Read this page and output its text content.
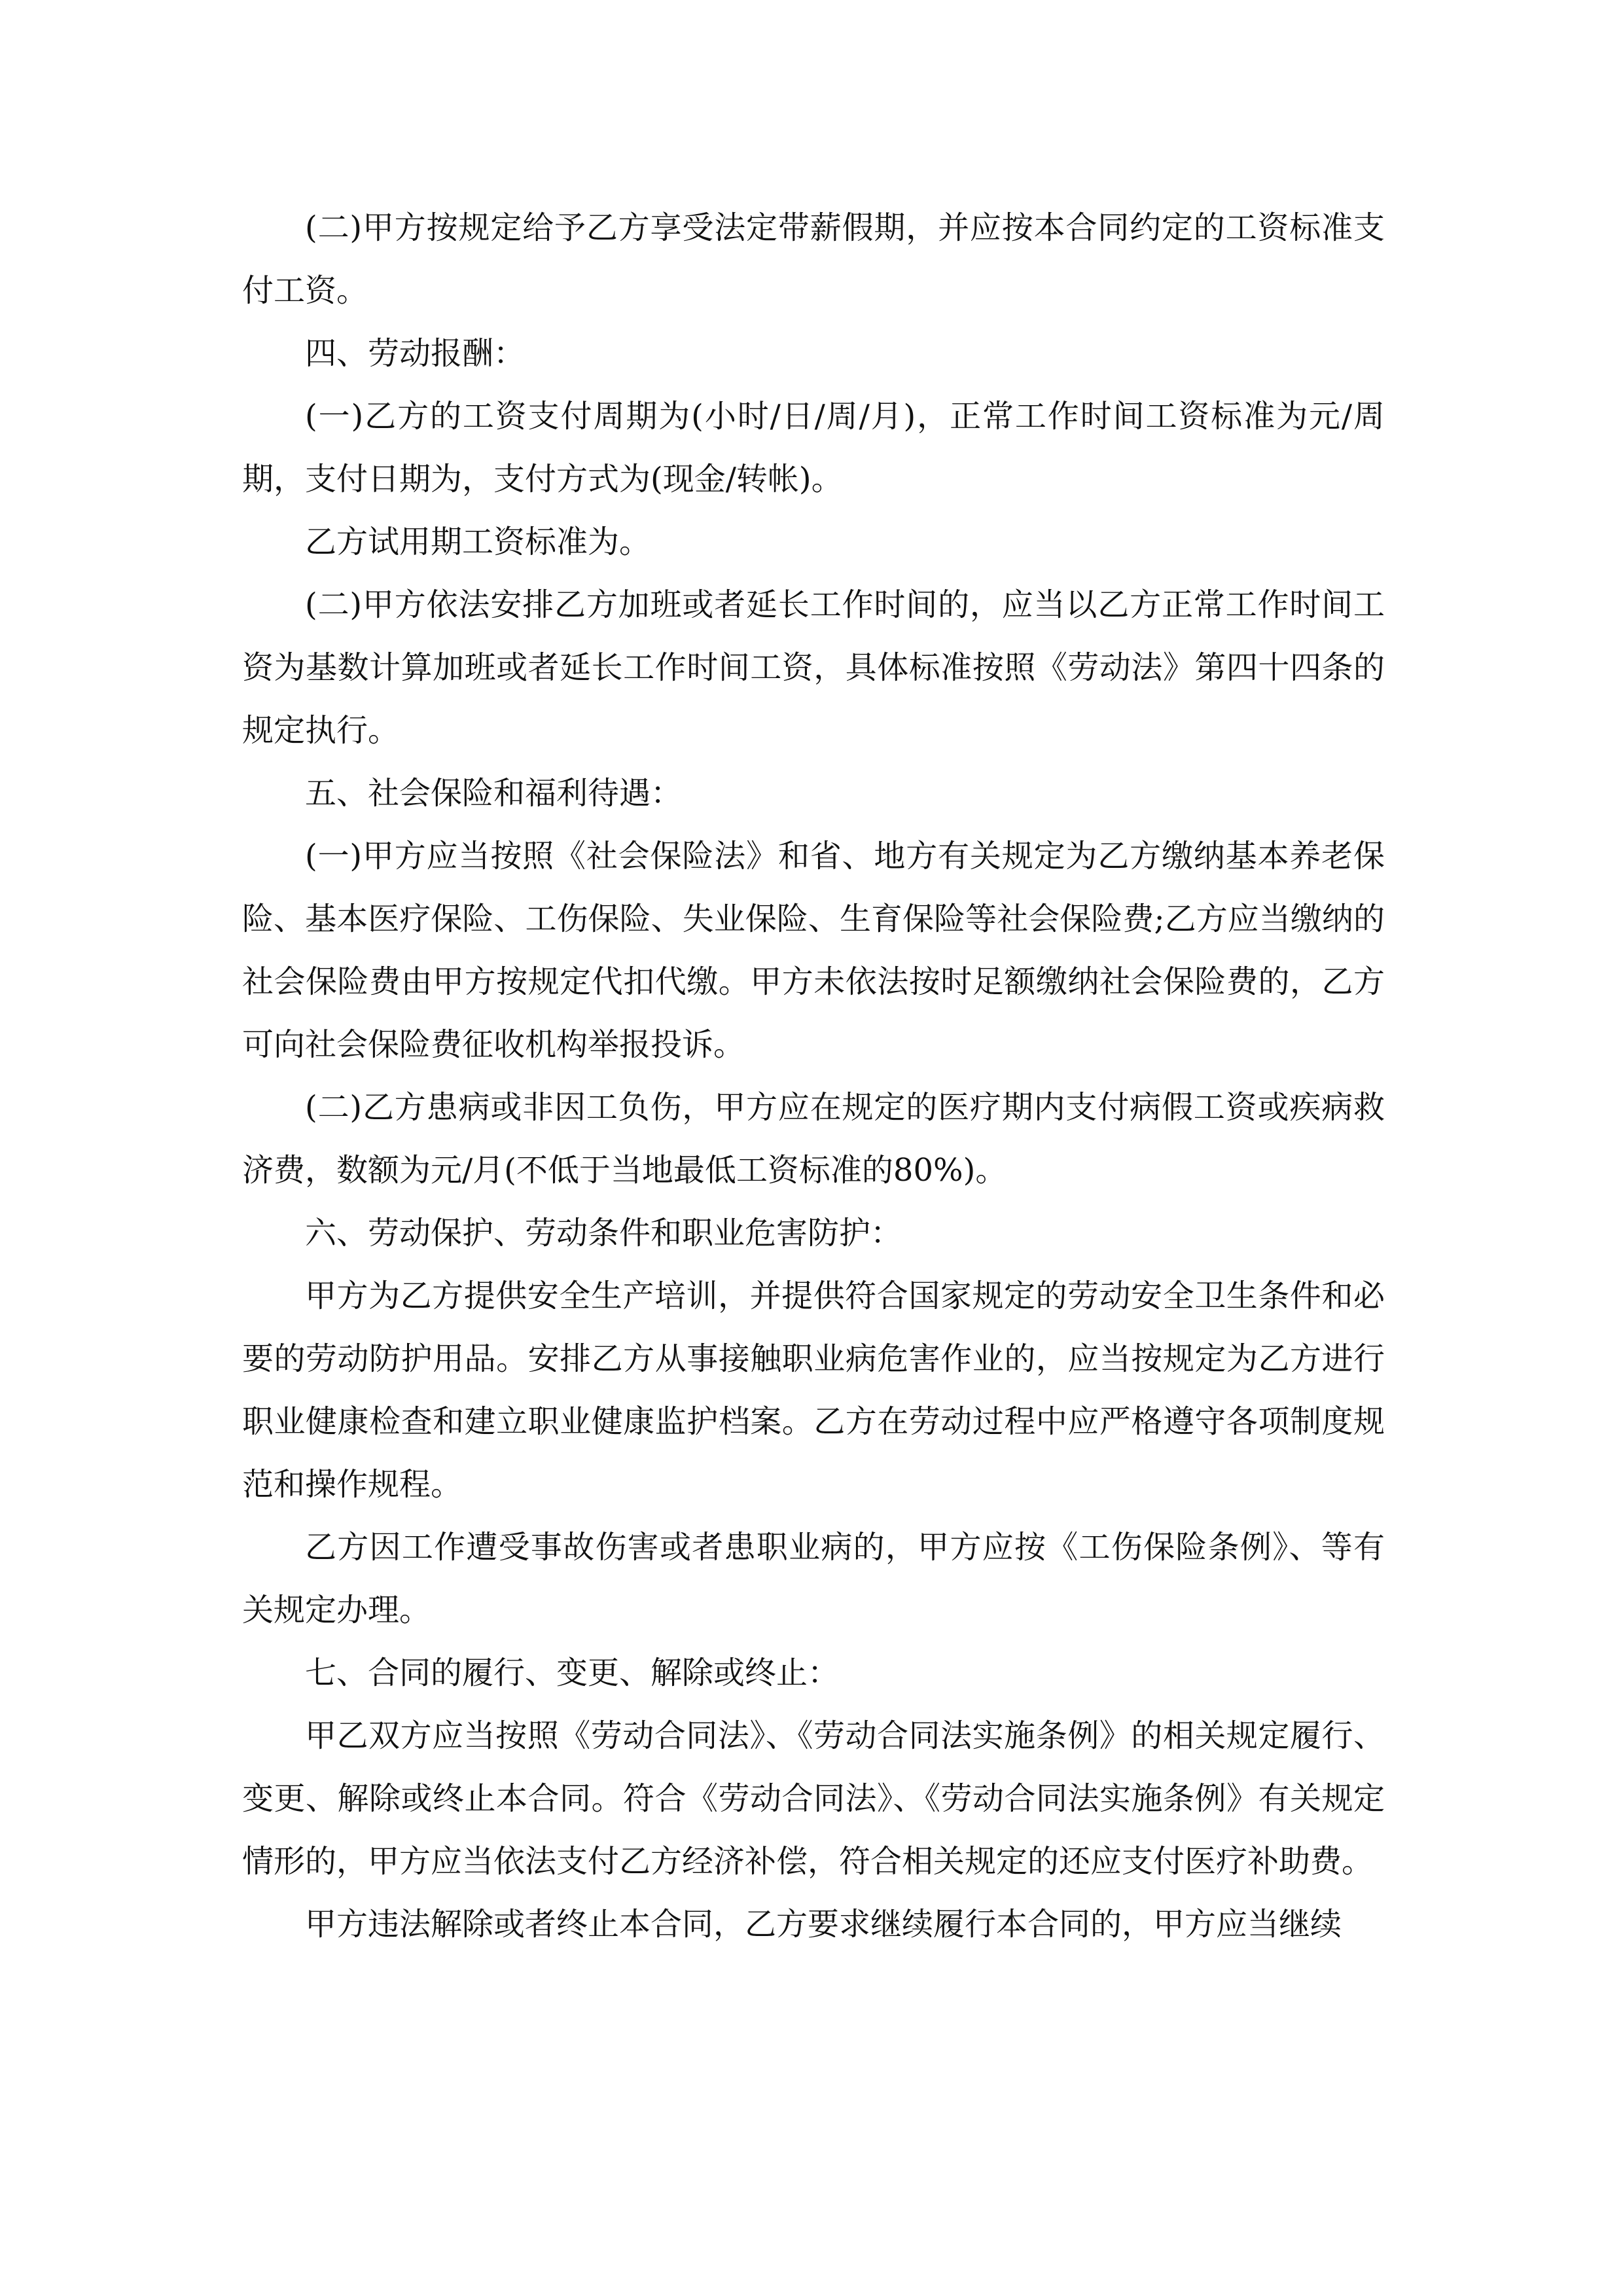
(二)甲方按规定给予乙方享受法定带薪假期，并应按本合同约定的工资标准支付工资。

四、劳动报酬：

(一)乙方的工资支付周期为(小时/日/周/月)，正常工作时间工资标准为元/周期，支付日期为，支付方式为(现金/转帐)。

乙方试用期工资标准为。

(二)甲方依法安排乙方加班或者延长工作时间的，应当以乙方正常工作时间工资为基数计算加班或者延长工作时间工资，具体标准按照《劳动法》第四十四条的规定执行。

五、社会保险和福利待遇：

(一)甲方应当按照《社会保险法》和省、地方有关规定为乙方缴纳基本养老保险、基本医疗保险、工伤保险、失业保险、生育保险等社会保险费;乙方应当缴纳的社会保险费由甲方按规定代扣代缴。甲方未依法按时足额缴纳社会保险费的，乙方可向社会保险费征收机构举报投诉。

(二)乙方患病或非因工负伤，甲方应在规定的医疗期内支付病假工资或疾病救济费，数额为元/月(不低于当地最低工资标准的80%)。

六、劳动保护、劳动条件和职业危害防护：

甲方为乙方提供安全生产培训，并提供符合国家规定的劳动安全卫生条件和必要的劳动防护用品。安排乙方从事接触职业病危害作业的，应当按规定为乙方进行职业健康检查和建立职业健康监护档案。乙方在劳动过程中应严格遵守各项制度规范和操作规程。

乙方因工作遭受事故伤害或者患职业病的，甲方应按《工伤保险条例》、等有关规定办理。

七、合同的履行、变更、解除或终止：

甲乙双方应当按照《劳动合同法》、《劳动合同法实施条例》的相关规定履行、变更、解除或终止本合同。符合《劳动合同法》、《劳动合同法实施条例》有关规定情形的，甲方应当依法支付乙方经济补偿，符合相关规定的还应支付医疗补助费。

甲方违法解除或者终止本合同，乙方要求继续履行本合同的，甲方应当继续
